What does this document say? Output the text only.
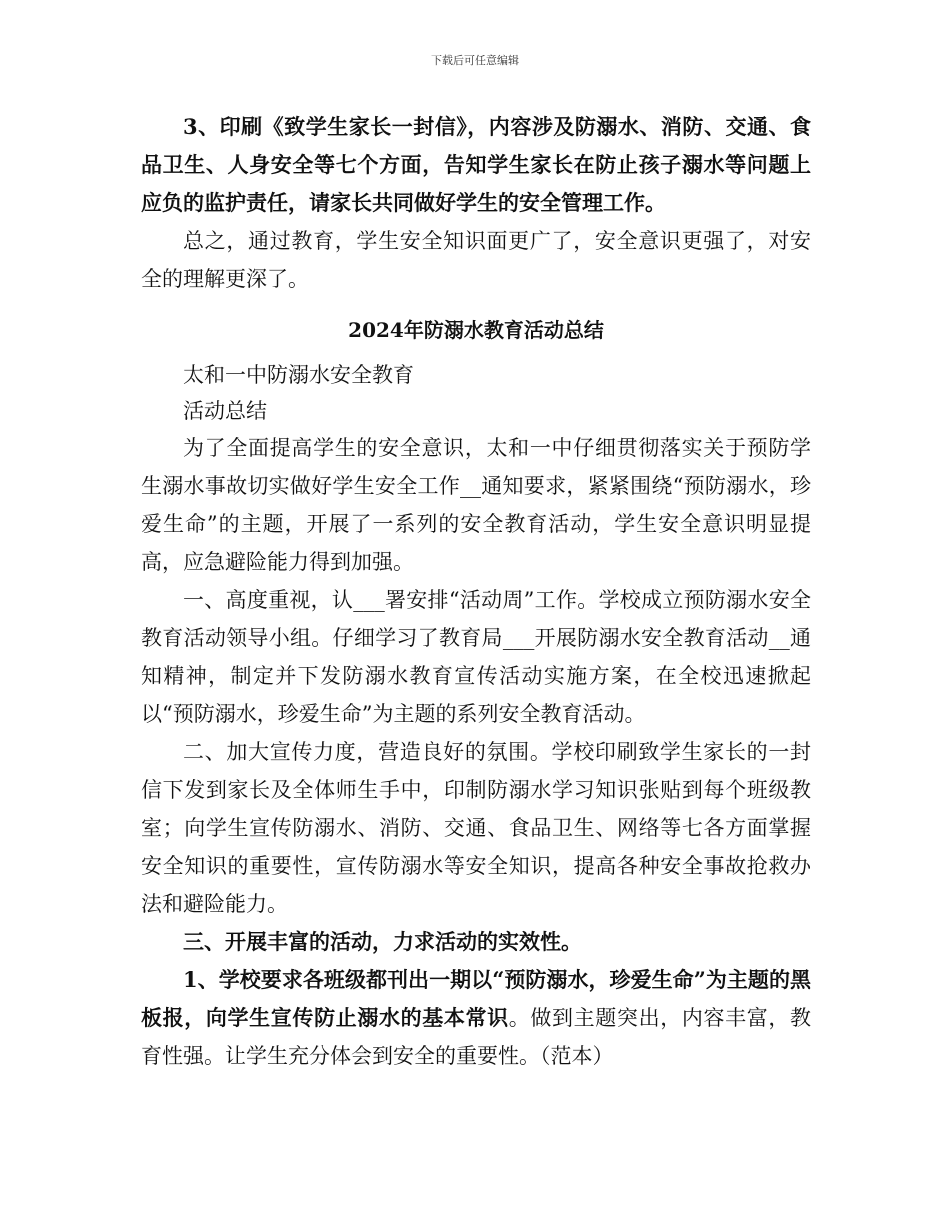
下载后可任意编辑

3、印刷《致学生家长一封信》，内容涉及防溺水、消防、交通、食品卫生、人身安全等七个方面，告知学生家长在防止孩子溺水等问题上应负的监护责任，请家长共同做好学生的安全管理工作。

总之，通过教育，学生安全知识面更广了，安全意识更强了，对安全的理解更深了。

2024年防溺水教育活动总结

太和一中防溺水安全教育

活动总结

为了全面提高学生的安全意识，太和一中仔细贯彻落实关于预防学生溺水事故切实做好学生安全工作__通知要求，紧紧围绕“预防溺水，珍爱生命”的主题，开展了一系列的安全教育活动，学生安全意识明显提高，应急避险能力得到加强。

一、高度重视，认___署安排“活动周”工作。学校成立预防溺水安全教育活动领导小组。仔细学习了教育局___开展防溺水安全教育活动__通知精神，制定并下发防溺水教育宣传活动实施方案，在全校迅速掀起以“预防溺水，珍爱生命”为主题的系列安全教育活动。

二、加大宣传力度，营造良好的氛围。学校印刷致学生家长的一封信下发到家长及全体师生手中，印制防溺水学习知识张贴到每个班级教室；向学生宣传防溺水、消防、交通、食品卫生、网络等七各方面掌握安全知识的重要性，宣传防溺水等安全知识，提高各种安全事故抢救办法和避险能力。

三、开展丰富的活动，力求活动的实效性。

1、学校要求各班级都刊出一期以“预防溺水，珍爱生命”为主题的黑板报，向学生宣传防止溺水的基本常识。做到主题突出，内容丰富，教育性强。让学生充分体会到安全的重要性。（范本）
